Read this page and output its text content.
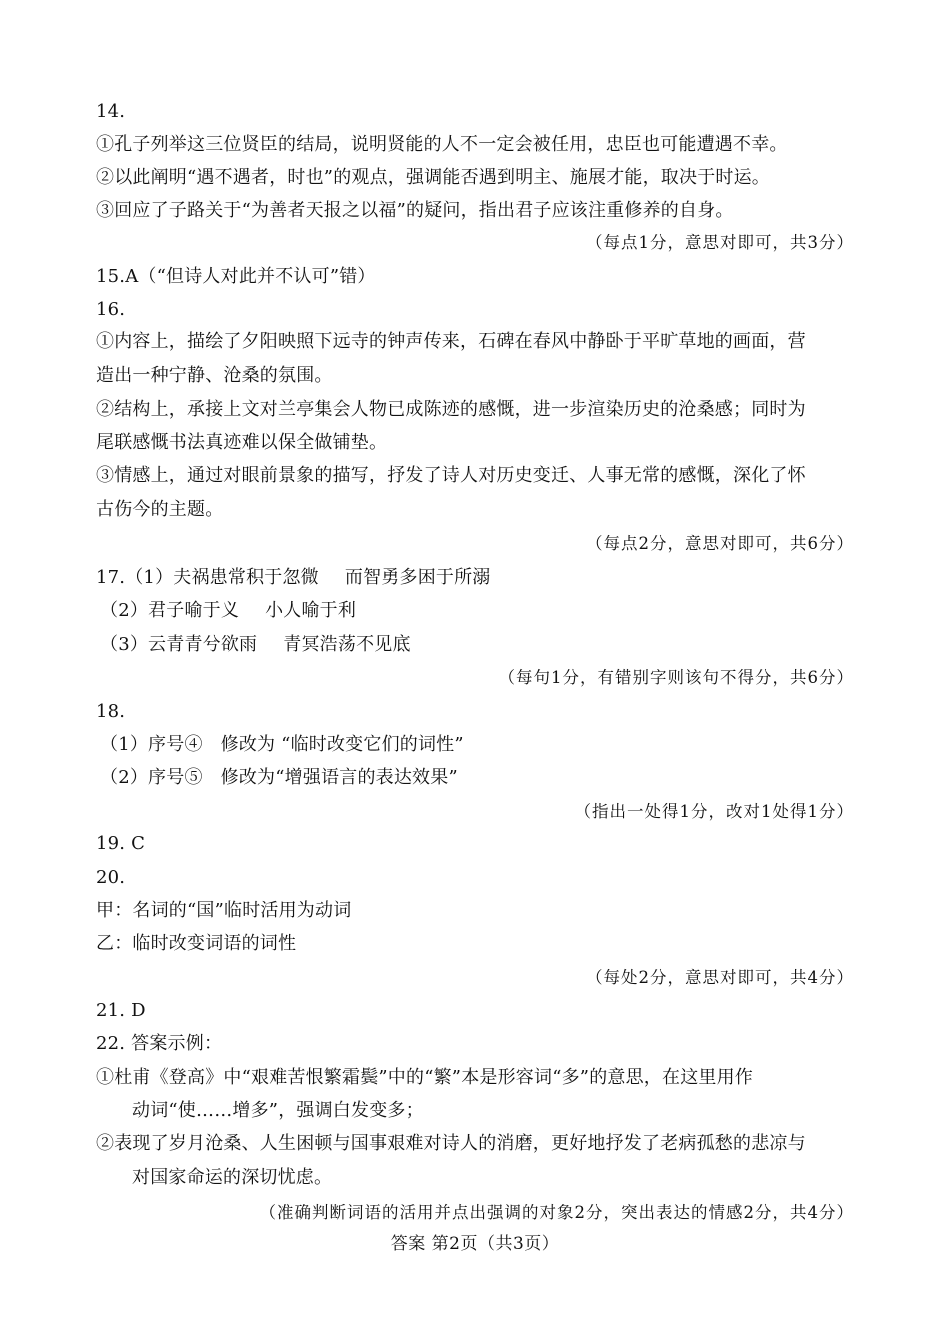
14.
①孔子列举这三位贤臣的结局，说明贤能的人不一定会被任用，忠臣也可能遭遇不幸。
②以此阐明“遇不遇者，时也”的观点，强调能否遇到明主、施展才能，取决于时运。
③回应了子路关于“为善者天报之以福”的疑问，指出君子应该注重修养的自身。
（每点1分，意思对即可，共3分）
15.A（“但诗人对此并不认可”错）
16.
①内容上，描绘了夕阳映照下远寺的钟声传来，石碑在春风中静卧于平旷草地的画面，营
造出一种宁静、沧桑的氛围。
②结构上，承接上文对兰亭集会人物已成陈迹的感慨，进一步渲染历史的沧桑感；同时为
尾联感慨书法真迹难以保全做铺垫。
③情感上，通过对眼前景象的描写，抒发了诗人对历史变迁、人事无常的感慨，深化了怀
古伤今的主题。
（每点2分，意思对即可，共6分）
17.（1）夫祸患常积于忽微 而智勇多困于所溺
（2）君子喻于义 小人喻于利
（3）云青青兮欲雨 青冥浩荡不见底
（每句1分，有错别字则该句不得分，共6分）
18.
（1）序号④ 修改为 “临时改变它们的词性”
（2）序号⑤ 修改为“增强语言的表达效果”
（指出一处得1分，改对1处得1分）
19. C
20.
甲：名词的“国”临时活用为动词
乙：临时改变词语的词性
（每处2分，意思对即可，共4分）
21. D
22. 答案示例：
①杜甫《登高》中“艰难苦恨繁霜鬓”中的“繁”本是形容词“多”的意思，在这里用作
动词“使……增多”，强调白发变多；
②表现了岁月沧桑、人生困顿与国事艰难对诗人的消磨，更好地抒发了老病孤愁的悲凉与
对国家命运的深切忧虑。
（准确判断词语的活用并点出强调的对象2分，突出表达的情感2分，共4分）
答案 第2页（共3页）
